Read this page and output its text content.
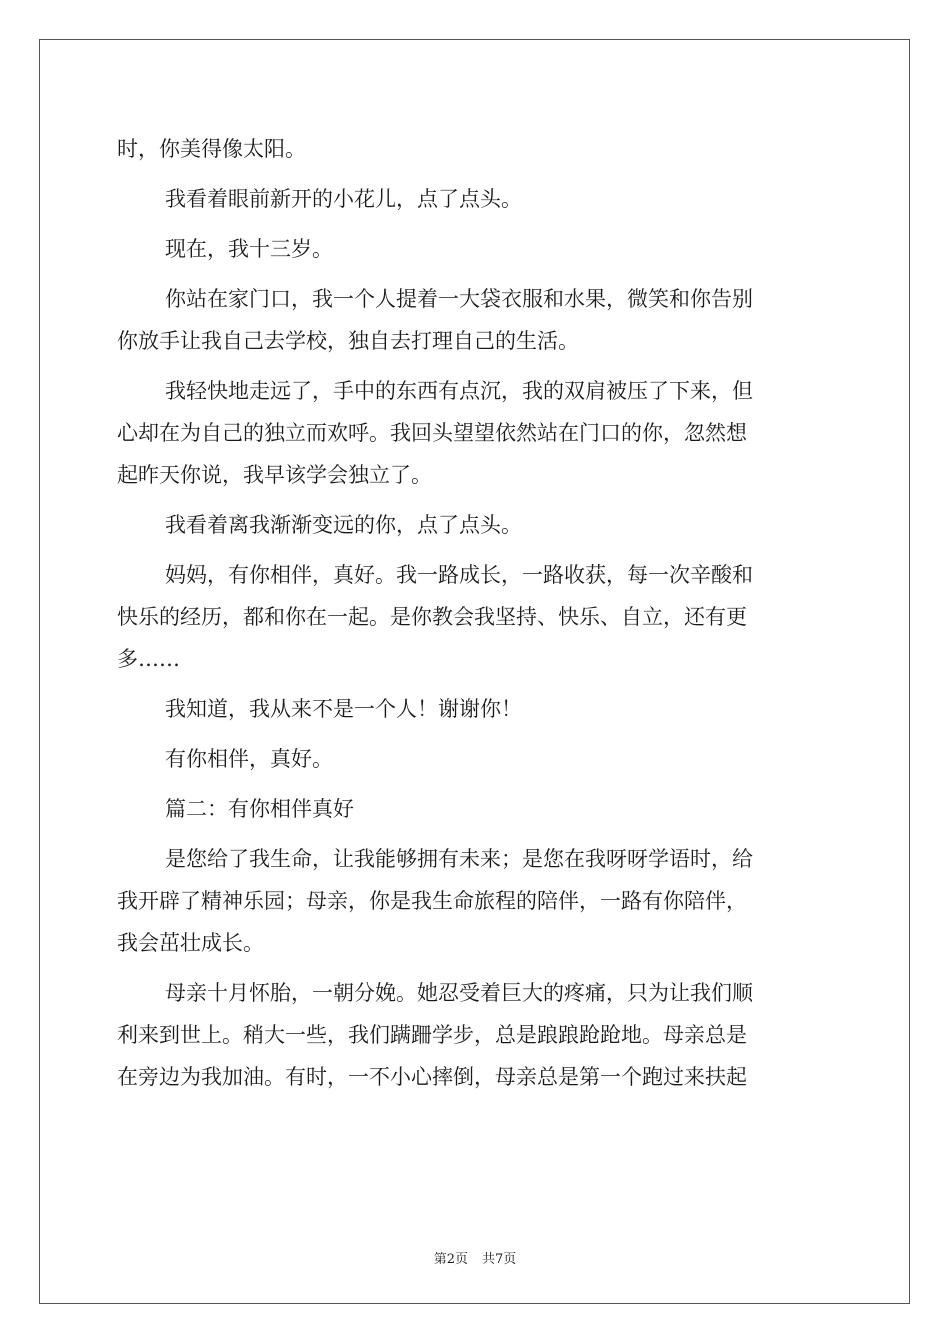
时，你美得像太阳。
我看着眼前新开的小花儿，点了点头。
现在，我十三岁。
你站在家门口，我一个人提着一大袋衣服和水果，微笑和你告别
你放手让我自己去学校，独自去打理自己的生活。
我轻快地走远了，手中的东西有点沉，我的双肩被压了下来，但
心却在为自己的独立而欢呼。我回头望望依然站在门口的你，忽然想
起昨天你说，我早该学会独立了。
我看着离我渐渐变远的你，点了点头。
妈妈，有你相伴，真好。我一路成长，一路收获，每一次辛酸和
快乐的经历，都和你在一起。是你教会我坚持、快乐、自立，还有更
多……
我知道，我从来不是一个人！谢谢你！
有你相伴，真好。
篇二：有你相伴真好
是您给了我生命，让我能够拥有未来；是您在我呀呀学语时，给
我开辟了精神乐园；母亲，你是我生命旅程的陪伴，一路有你陪伴，
我会茁壮成长。
母亲十月怀胎，一朝分娩。她忍受着巨大的疼痛，只为让我们顺
利来到世上。稍大一些，我们蹒跚学步，总是踉踉跄跄地。母亲总是
在旁边为我加油。有时，一不小心摔倒，母亲总是第一个跑过来扶起
第2页 共7页
